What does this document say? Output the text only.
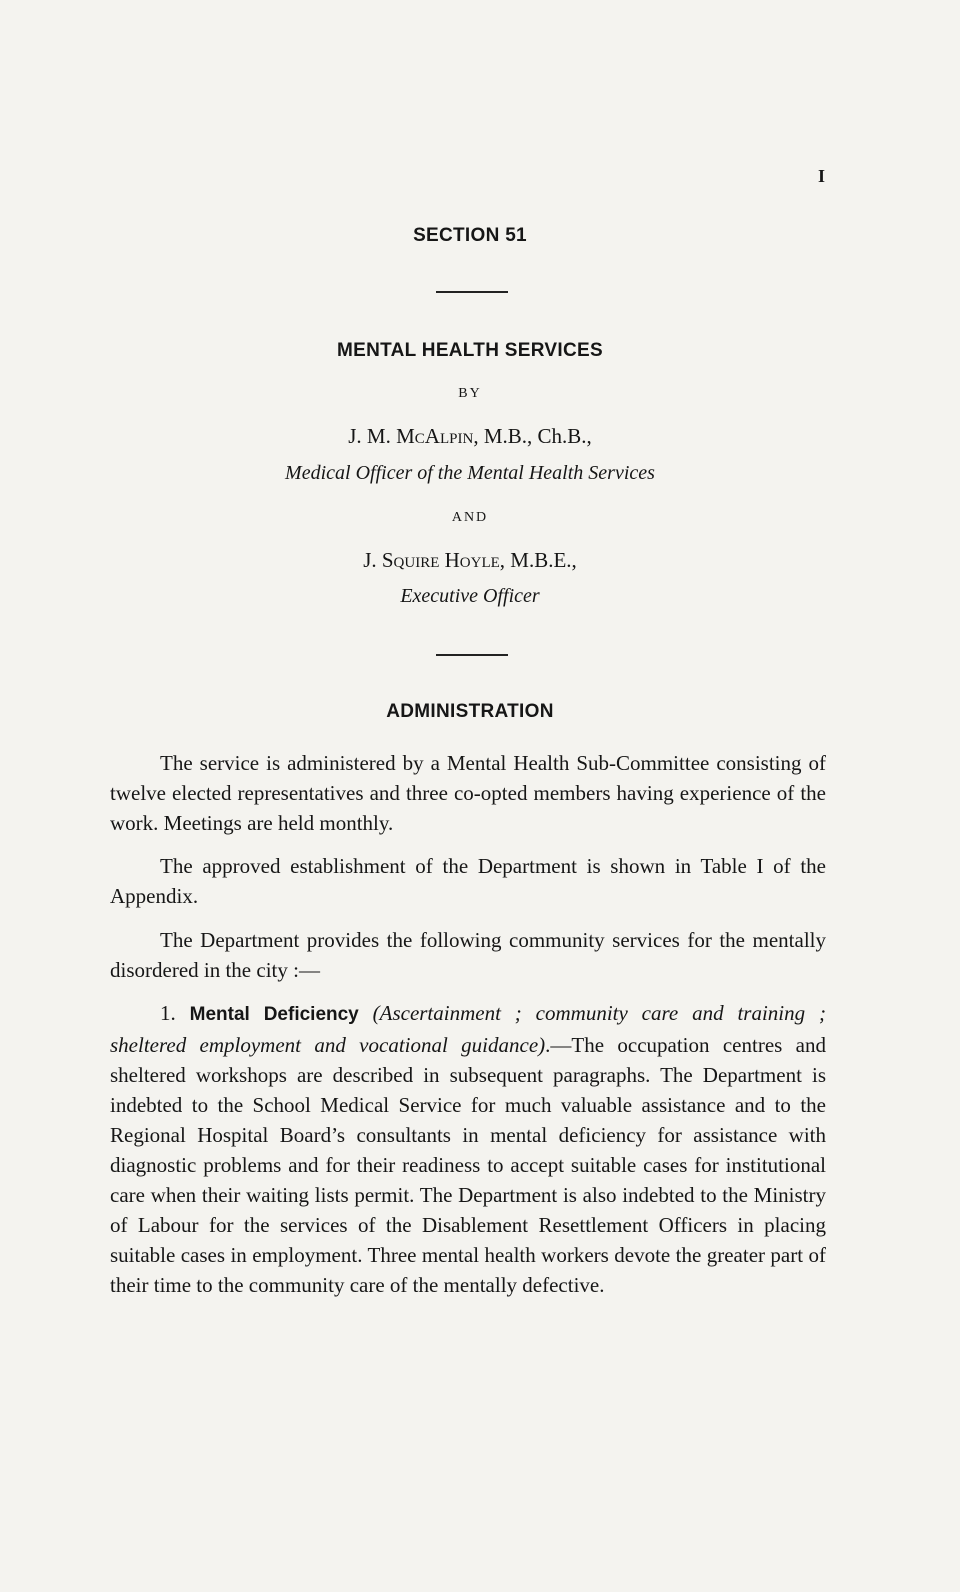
I
SECTION 51
MENTAL HEALTH SERVICES
BY
J. M. McAlpin, M.B., Ch.B.,
Medical Officer of the Mental Health Services
AND
J. Squire Hoyle, M.B.E.,
Executive Officer
ADMINISTRATION

The service is administered by a Mental Health Sub-Committee consisting of twelve elected representatives and three co-opted members having experience of the work. Meetings are held monthly.

The approved establishment of the Department is shown in Table I of the Appendix.

The Department provides the following community services for the mentally disordered in the city :—

1. Mental Deficiency (Ascertainment ; community care and training ; sheltered employment and vocational guidance).—The occupation centres and sheltered workshops are described in subsequent paragraphs. The Department is indebted to the School Medical Service for much valuable assistance and to the Regional Hospital Board’s consultants in mental deficiency for assistance with diagnostic problems and for their readiness to accept suitable cases for institutional care when their waiting lists permit. The Department is also indebted to the Ministry of Labour for the services of the Disablement Resettlement Officers in placing suitable cases in employment. Three mental health workers devote the greater part of their time to the community care of the mentally defective.
